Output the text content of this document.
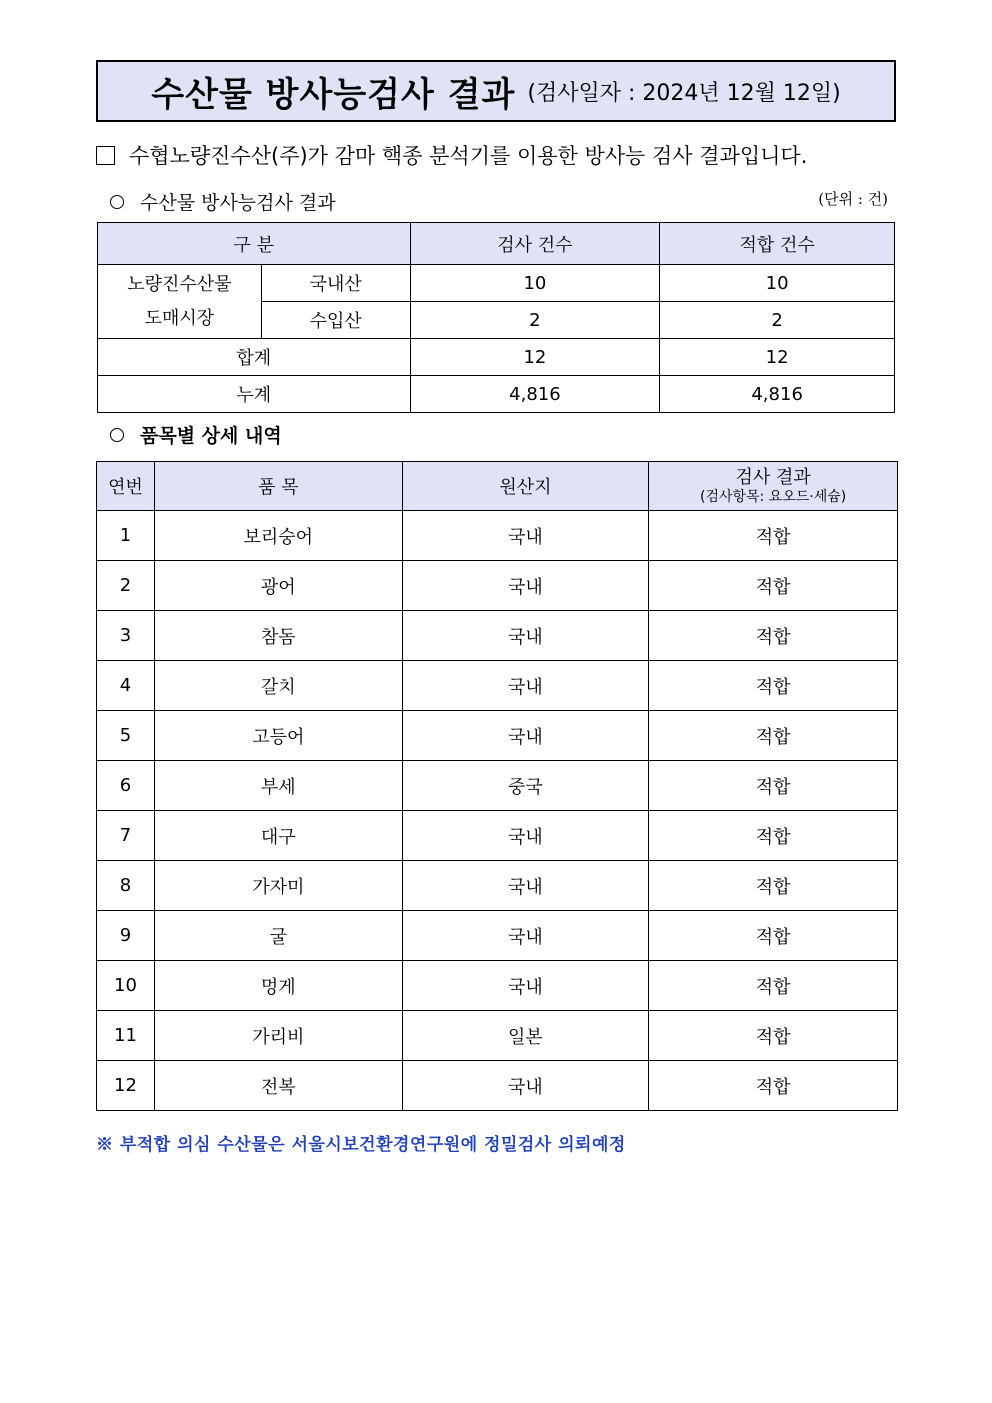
수산물 방사능검사 결과 (검사일자 : 2024년 12월 12일)
수협노량진수산(주)가 감마 핵종 분석기를 이용한 방사능 검사 결과입니다.
수산물 방사능검사 결과	(단위 : 건)
구 분		검사 건수	적합 건수
노량진수산물
도매시장	국내산	10	10
	수입산	2	2
합계		12	12
누계		4,816	4,816
품목별 상세 내역
연번	품 목	원산지	검사 결과
(검사항목: 요오드·세슘)

1	보리숭어	국내	적합
2	광어	국내	적합
3	참돔	국내	적합
4	갈치	국내	적합
5	고등어	국내	적합
6	부세	중국	적합
7	대구	국내	적합
8	가자미	국내	적합
9	굴	국내	적합
10	멍게	국내	적합
11	가리비	일본	적합
12	전복	국내	적합
※ 부적합 의심 수산물은 서울시보건환경연구원에 정밀검사 의뢰예정
